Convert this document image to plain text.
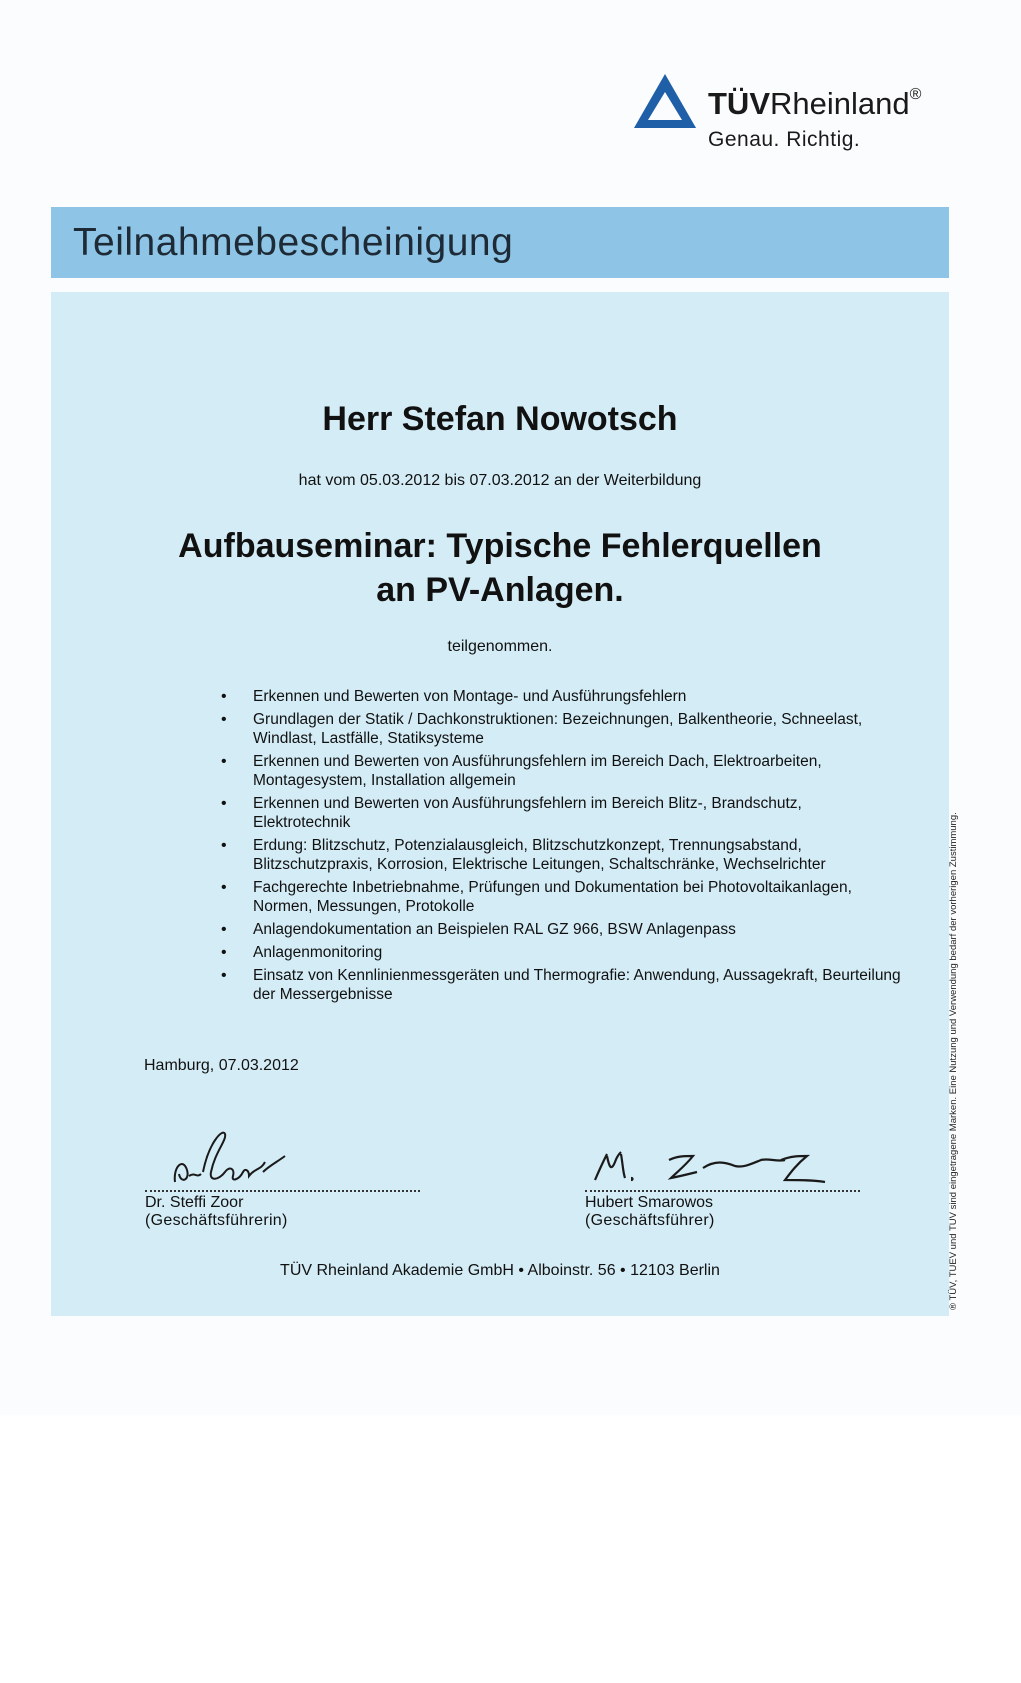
TÜVRheinland®
Genau. Richtig.
Teilnahmebescheinigung
Herr Stefan Nowotsch
hat vom 05.03.2012 bis 07.03.2012 an der Weiterbildung
Aufbauseminar: Typische Fehlerquellen
an PV-Anlagen.
teilgenommen.
• Erkennen und Bewerten von Montage- und Ausführungsfehlern
• Grundlagen der Statik / Dachkonstruktionen: Bezeichnungen, Balkentheorie, Schneelast, Windlast, Lastfälle, Statiksysteme
• Erkennen und Bewerten von Ausführungsfehlern im Bereich Dach, Elektroarbeiten, Montagesystem, Installation allgemein
• Erkennen und Bewerten von Ausführungsfehlern im Bereich Blitz-, Brandschutz, Elektrotechnik
• Erdung: Blitzschutz, Potenzialausgleich, Blitzschutzkonzept, Trennungsabstand, Blitzschutzpraxis, Korrosion, Elektrische Leitungen, Schaltschränke, Wechselrichter
• Fachgerechte Inbetriebnahme, Prüfungen und Dokumentation bei Photovoltaikanlagen, Normen, Messungen, Protokolle
• Anlagendokumentation an Beispielen RAL GZ 966, BSW Anlagenpass
• Anlagenmonitoring
• Einsatz von Kennlinienmessgeräten und Thermografie: Anwendung, Aussagekraft, Beurteilung der Messergebnisse
Hamburg, 07.03.2012
Dr. Steffi Zoor
(Geschäftsführerin)
Hubert Smarowos
(Geschäftsführer)
TÜV Rheinland Akademie GmbH • Alboinstr. 56 • 12103 Berlin	® TÜV, TUEV und TUV sind eingetragene Marken. Eine Nutzung und Verwendung bedarf der vorherigen Zustimmung.
